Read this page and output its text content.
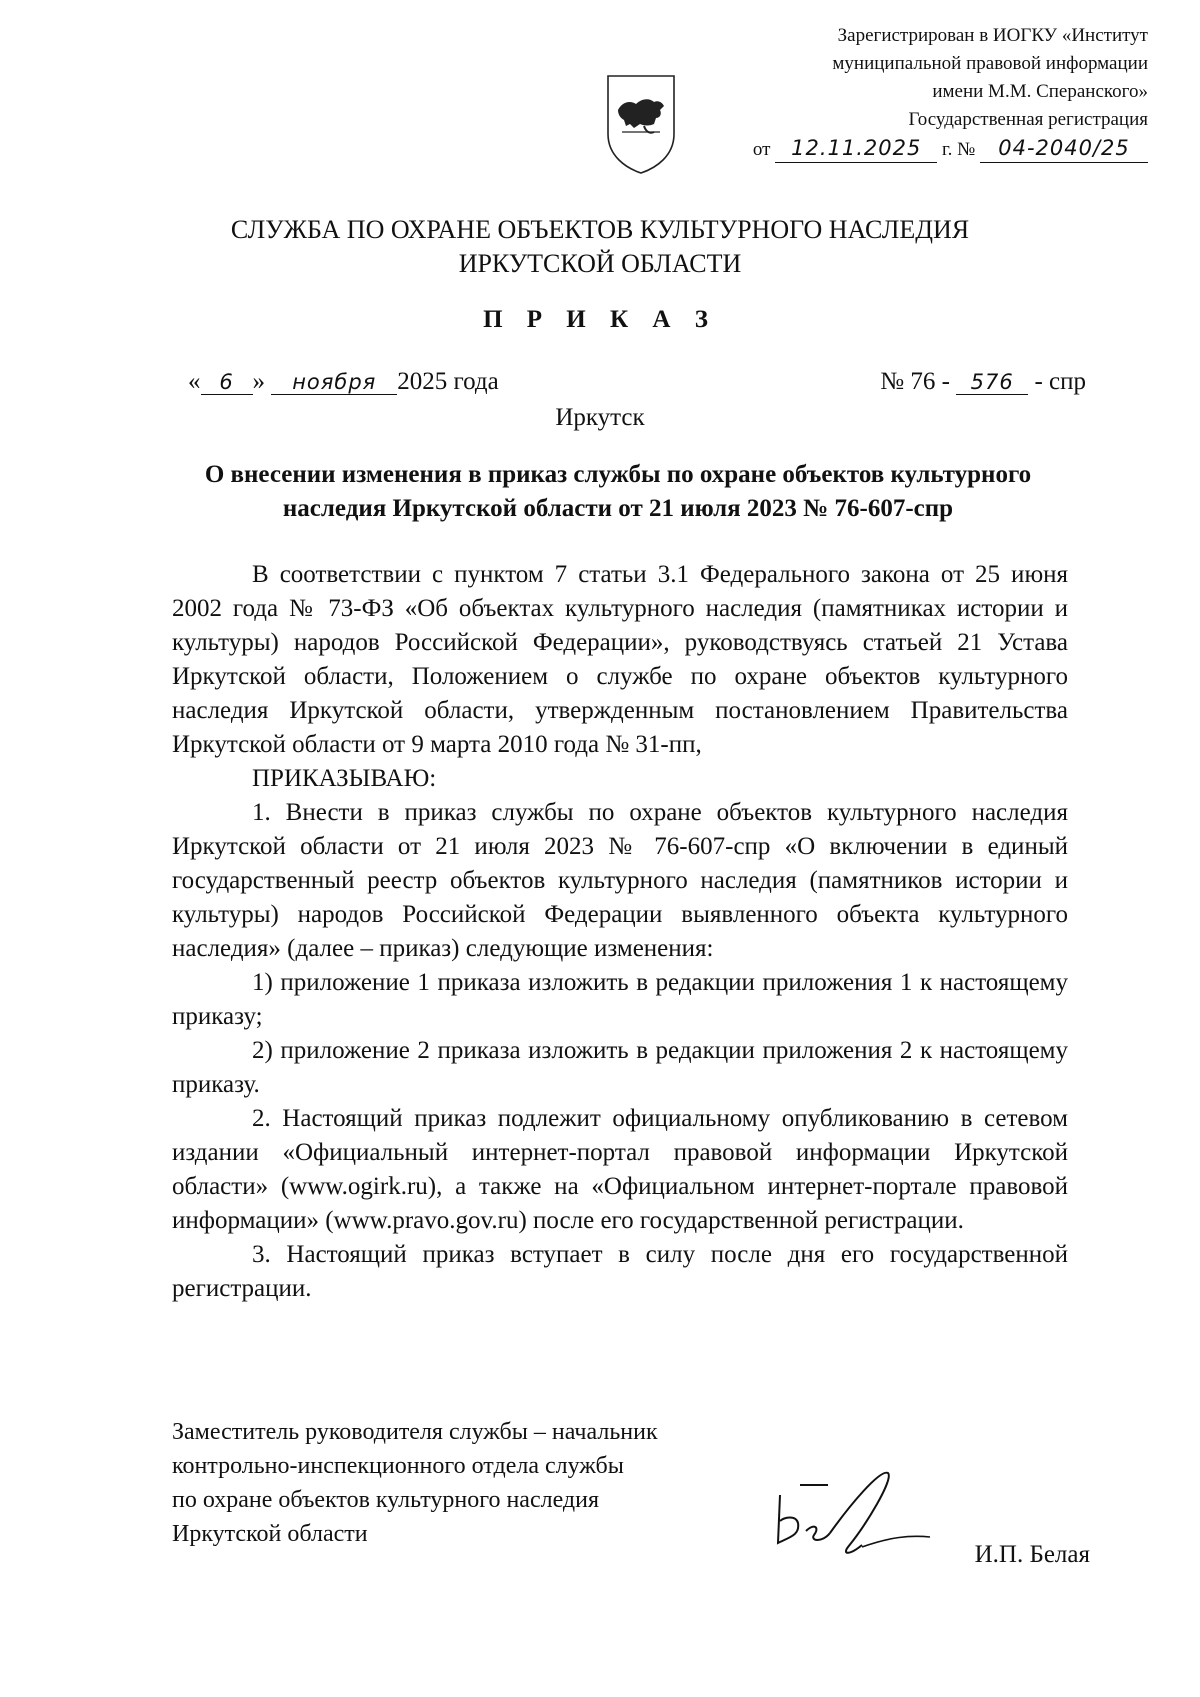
Зарегистрирован в ИОГКУ «Институт
муниципальной правовой информации
имени М.М. Сперанского»
Государственная регистрация
от 12.11.2025 г. № 04-2040/25
СЛУЖБА ПО ОХРАНЕ ОБЪЕКТОВ КУЛЬТУРНОГО НАСЛЕДИЯ
ИРКУТСКОЙ ОБЛАСТИ
П Р И К А З
« 6 » ноября 2025 года	№ 76 - 576 - спр
Иркутск
О внесении изменения в приказ службы по охране объектов культурного
наследия Иркутской области от 21 июля 2023 № 76-607-спр

В соответствии с пунктом 7 статьи 3.1 Федерального закона от 25 июня 2002 года № 73-ФЗ «Об объектах культурного наследия (памятниках истории и культуры) народов Российской Федерации», руководствуясь статьей 21 Устава Иркутской области, Положением о службе по охране объектов культурного наследия Иркутской области, утвержденным постановлением Правительства Иркутской области от 9 марта 2010 года № 31-пп,

ПРИКАЗЫВАЮ:

1. Внести в приказ службы по охране объектов культурного наследия Иркутской области от 21 июля 2023 № 76-607-спр «О включении в единый государственный реестр объектов культурного наследия (памятников истории и культуры) народов Российской Федерации выявленного объекта культурного наследия» (далее – приказ) следующие изменения:

1) приложение 1 приказа изложить в редакции приложения 1 к настоящему приказу;

2) приложение 2 приказа изложить в редакции приложения 2 к настоящему приказу.

2. Настоящий приказ подлежит официальному опубликованию в сетевом издании «Официальный интернет-портал правовой информации Иркутской области» (www.ogirk.ru), а также на «Официальном интернет-портале правовой информации» (www.pravo.gov.ru) после его государственной регистрации.

3. Настоящий приказ вступает в силу после дня его государственной регистрации.

Заместитель руководителя службы – начальник
контрольно-инспекционного отдела службы
по охране объектов культурного наследия
Иркутской области
И.П. Белая
